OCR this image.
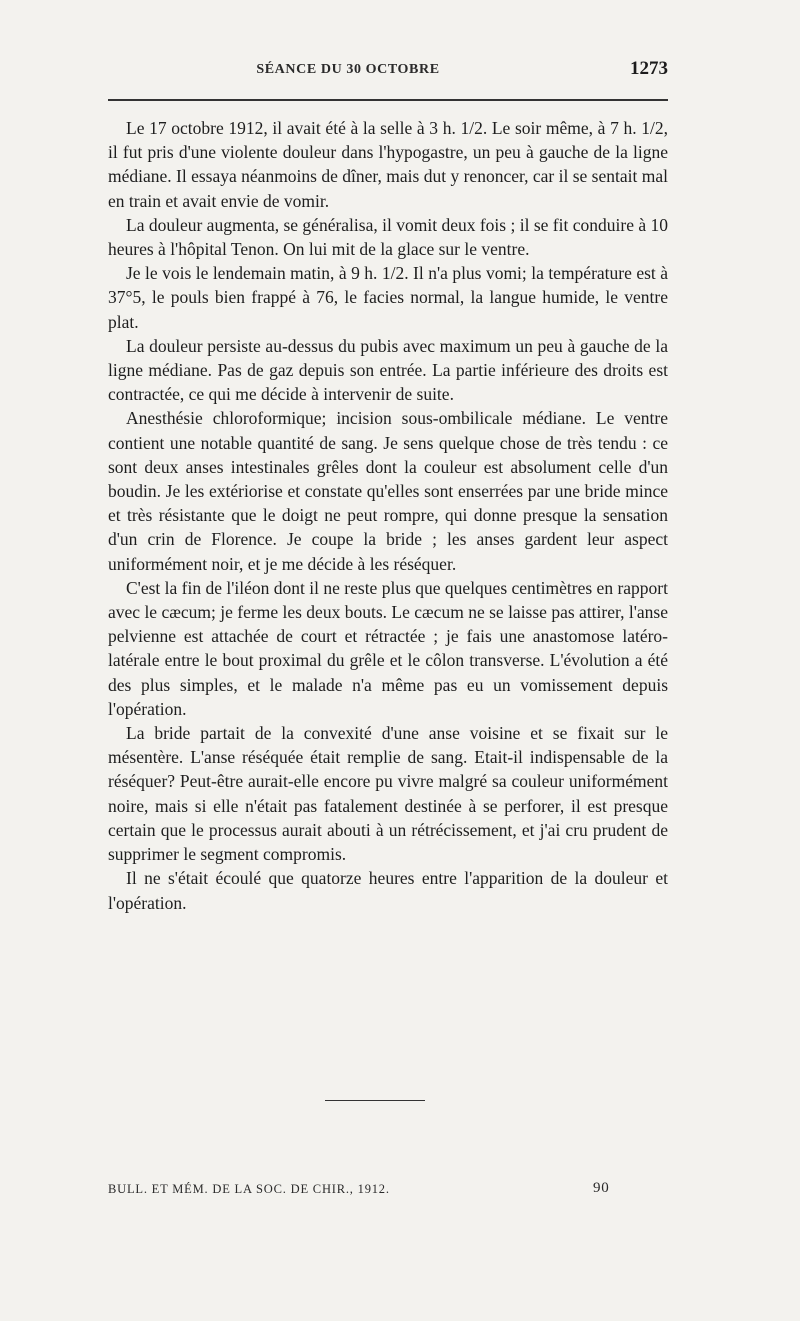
SÉANCE DU 30 OCTOBRE	1273

Le 17 octobre 1912, il avait été à la selle à 3 h. 1/2. Le soir même, à 7 h. 1/2, il fut pris d'une violente douleur dans l'hypogastre, un peu à gauche de la ligne médiane. Il essaya néanmoins de dîner, mais dut y renoncer, car il se sentait mal en train et avait envie de vomir.

La douleur augmenta, se généralisa, il vomit deux fois ; il se fit conduire à 10 heures à l'hôpital Tenon. On lui mit de la glace sur le ventre.

Je le vois le lendemain matin, à 9 h. 1/2. Il n'a plus vomi; la température est à 37°5, le pouls bien frappé à 76, le facies normal, la langue humide, le ventre plat.

La douleur persiste au-dessus du pubis avec maximum un peu à gauche de la ligne médiane. Pas de gaz depuis son entrée. La partie inférieure des droits est contractée, ce qui me décide à intervenir de suite.

Anesthésie chloroformique; incision sous-ombilicale médiane. Le ventre contient une notable quantité de sang. Je sens quelque chose de très tendu : ce sont deux anses intestinales grêles dont la couleur est absolument celle d'un boudin. Je les extériorise et constate qu'elles sont enserrées par une bride mince et très résistante que le doigt ne peut rompre, qui donne presque la sensation d'un crin de Florence. Je coupe la bride ; les anses gardent leur aspect uniformément noir, et je me décide à les réséquer.

C'est la fin de l'iléon dont il ne reste plus que quelques centimètres en rapport avec le cæcum; je ferme les deux bouts. Le cæcum ne se laisse pas attirer, l'anse pelvienne est attachée de court et rétractée ; je fais une anastomose latéro-latérale entre le bout proximal du grêle et le côlon transverse. L'évolution a été des plus simples, et le malade n'a même pas eu un vomissement depuis l'opération.

La bride partait de la convexité d'une anse voisine et se fixait sur le mésentère. L'anse réséquée était remplie de sang. Etait-il indispensable de la réséquer? Peut-être aurait-elle encore pu vivre malgré sa couleur uniformément noire, mais si elle n'était pas fatalement destinée à se perforer, il est presque certain que le processus aurait abouti à un rétrécissement, et j'ai cru prudent de supprimer le segment compromis.

Il ne s'était écoulé que quatorze heures entre l'apparition de la douleur et l'opération.

BULL. ET MÉM. DE LA SOC. DE CHIR., 1912.	90
